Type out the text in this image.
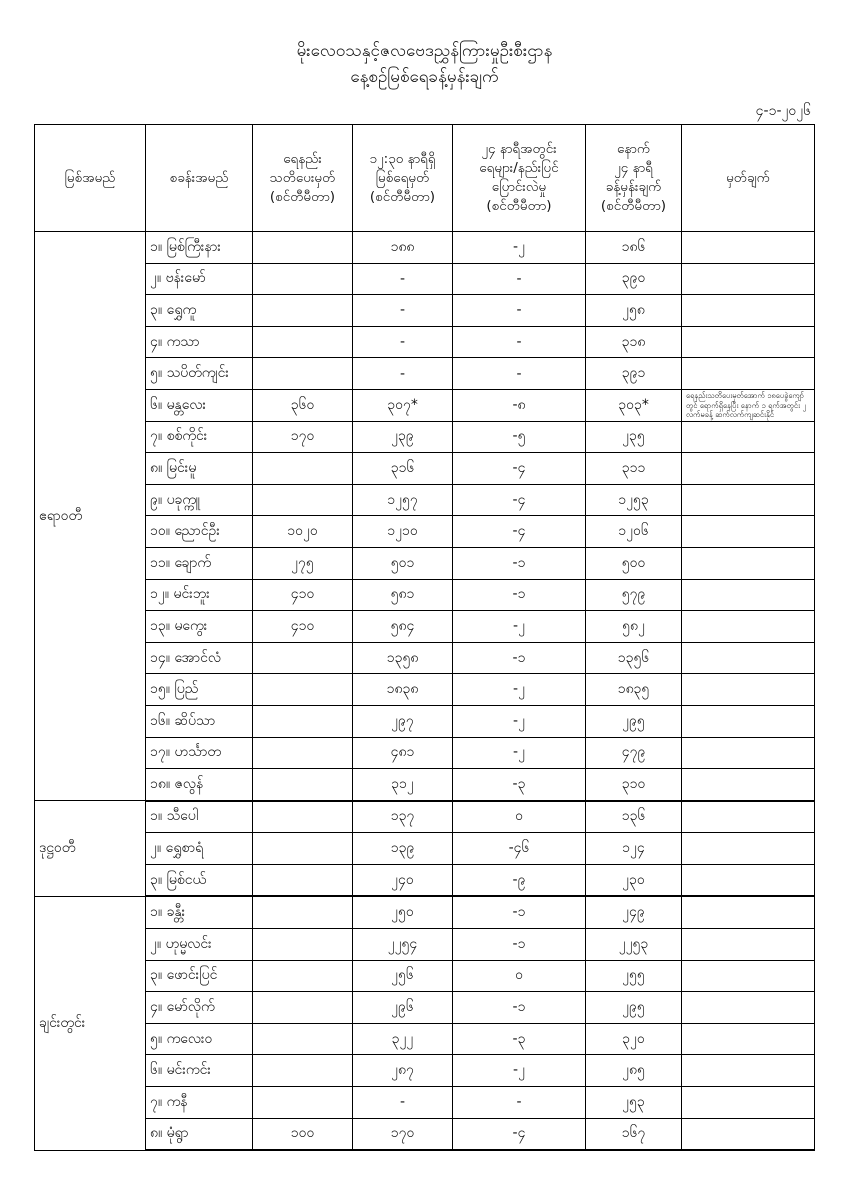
မိုးလေဝသနှင့်ဇလဗေဒညွှန်ကြားမှုဦးစီးဌာန
နေ့စဉ်မြစ်ရေခန့်မှန်းချက်
၄-၁-၂၀၂၆
မြစ်အမည်	စခန်းအမည်	ရေနည်း
သတိပေးမှတ်
(စင်တီမီတာ)	၁၂:၃၀ နာရီရှိ
မြစ်ရေမှတ်
(စင်တီမီတာ)	၂၄ နာရီအတွင်း
ရေများ/နည်းပြင်
ပြောင်းလဲမှု
(စင်တီမီတာ)	နောက်
၂၄ နာရီ
ခန့်မှန်းချက်
(စင်တီမီတာ)	မှတ်ချက်
ဧရာဝတီ	၁။ မြစ်ကြီးနား		၁၈၈	-၂	၁၈၆	
	၂။ ဗန်းမော်		-	-	၃၉၀	
	၃။ ရွှေကူ		-	-	၂၅၈	
	၄။ ကသာ		-	-	၃၁၈	
	၅။ သပိတ်ကျင်း		-	-	၃၉၁	
	၆။ မန္တလေး	၃၆၀	၃၀၇*	-၈	၃၀၃*	ရေနည်းသတိပေးမှတ်အောက် ၁၈ပေခွဲကျော်တွင် ရောက်ရှိနေပြီး နောက် ၁ ရက်အတွင်း ၂ လက်မခန့် ဆက်လက်ကျဆင်းနိုင်
	၇။ စစ်ကိုင်း	၁၇၀	၂၃၉	-၅	၂၃၅	
	၈။ မြင်းမူ		၃၁၆	-၄	၃၁၁	
	၉။ ပခုက္ကူ		၁၂၅၇	-၄	၁၂၅၃	
	၁၀။ ညောင်ဦး	၁၀၂၀	၁၂၁၀	-၄	၁၂၀၆	
	၁၁။ ချောက်	၂၇၅	၅၀၁	-၁	၅၀၀	
	၁၂။ မင်းဘူး	၄၁၀	၅၈၁	-၁	၅၇၉	
	၁၃။ မကွေး	၄၁၀	၅၈၄	-၂	၅၈၂	
	၁၄။ အောင်လံ		၁၃၅၈	-၁	၁၃၅၆	
	၁၅။ ပြည်		၁၈၃၈	-၂	၁၈၃၅	
	၁၆။ ဆိပ်သာ		၂၉၇	-၂	၂၉၅	
	၁၇။ ဟင်္သာတ		၄၈၁	-၂	၄၇၉	
	၁၈။ ဇလွန်		၃၁၂	-၃	၃၁၀	
ဒုဋ္ဌဝတီ	၁။ သီပေါ		၁၃၇	၀	၁၃၆	
	၂။ ရွှေစာရံ		၁၃၉	-၄၆	၁၂၄	
	၃။ မြစ်ငယ်		၂၄၀	-၉	၂၃၀	
ချင်းတွင်း	၁။ ခန္တီး		၂၅၀	-၁	၂၄၉	
	၂။ ဟုမ္မလင်း		၂၂၅၄	-၁	၂၂၅၃	
	၃။ ဖောင်းပြင်		၂၅၆	၀	၂၅၅	
	၄။ မော်လိုက်		၂၉၆	-၁	၂၉၅	
	၅။ ကလေးဝ		၃၂၂	-၃	၃၂၀	
	၆။ မင်းကင်း		၂၈၇	-၂	၂၈၅	
	၇။ ကနီ		-	-	၂၅၃	
	၈။ မုံရွာ	၁၀၀	၁၇၀	-၄	၁၆၇	
